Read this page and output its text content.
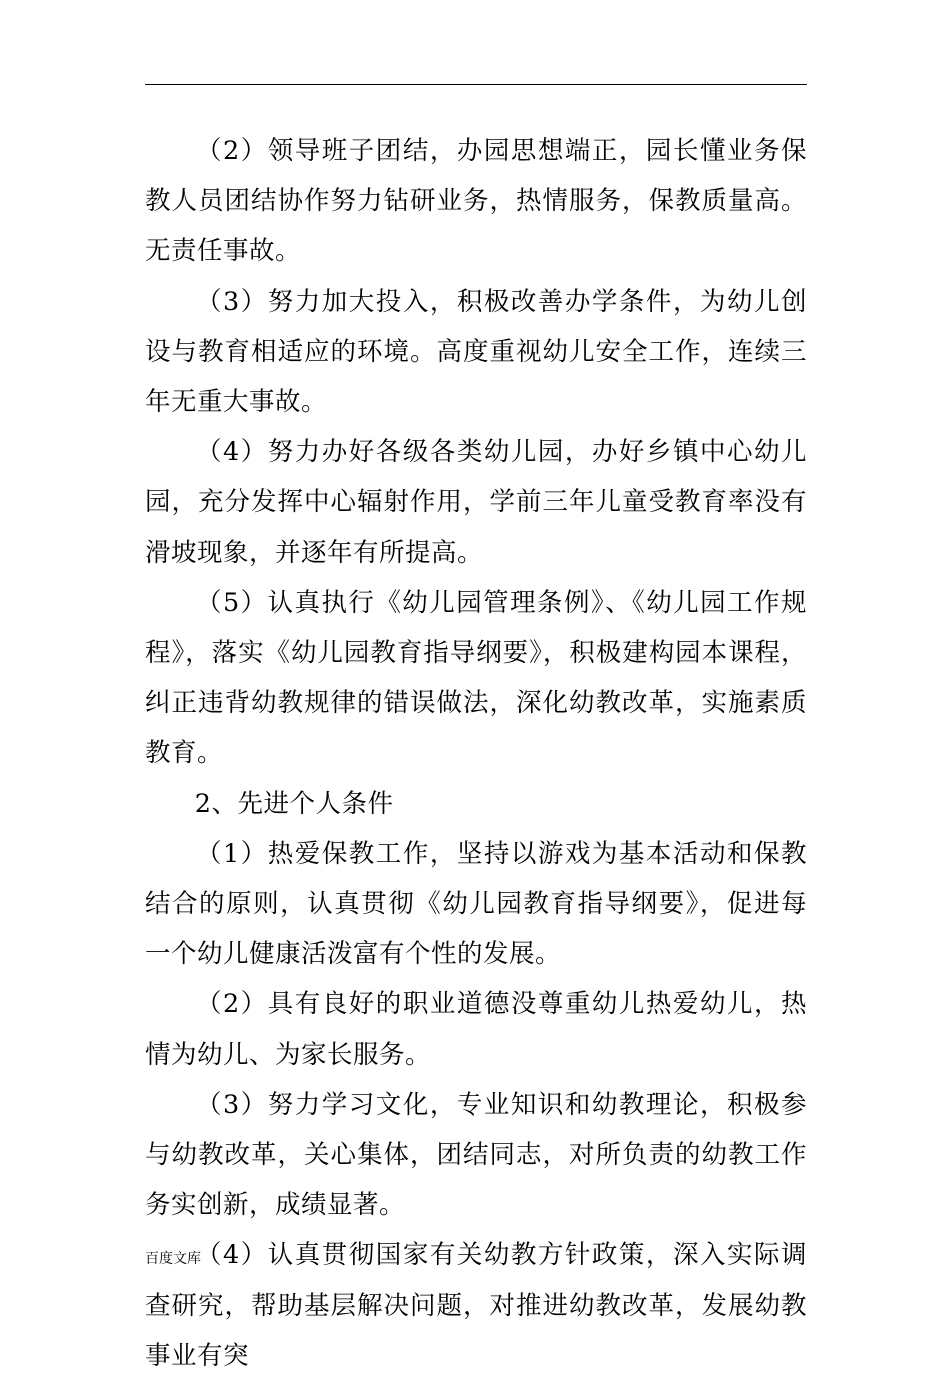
（2）领导班子团结，办园思想端正，园长懂业务保教人员团结协作努力钻研业务，热情服务，保教质量高。无责任事故。

（3）努力加大投入，积极改善办学条件，为幼儿创设与教育相适应的环境。高度重视幼儿安全工作，连续三年无重大事故。

（4）努力办好各级各类幼儿园，办好乡镇中心幼儿园，充分发挥中心辐射作用，学前三年儿童受教育率没有滑坡现象，并逐年有所提高。

（5）认真执行《幼儿园管理条例》、《幼儿园工作规程》，落实《幼儿园教育指导纲要》，积极建构园本课程，纠正违背幼教规律的错误做法，深化幼教改革，实施素质教育。

2、先进个人条件

（1）热爱保教工作，坚持以游戏为基本活动和保教结合的原则，认真贯彻《幼儿园教育指导纲要》，促进每一个幼儿健康活泼富有个性的发展。

（2）具有良好的职业道德没尊重幼儿热爱幼儿，热情为幼儿、为家长服务。

（3）努力学习文化，专业知识和幼教理论，积极参与幼教改革，关心集体，团结同志，对所负责的幼教工作务实创新，成绩显著。

（4）认真贯彻国家有关幼教方针政策，深入实际调查研究，帮助基层解决问题，对推进幼教改革，发展幼教事业有突

百度文库
